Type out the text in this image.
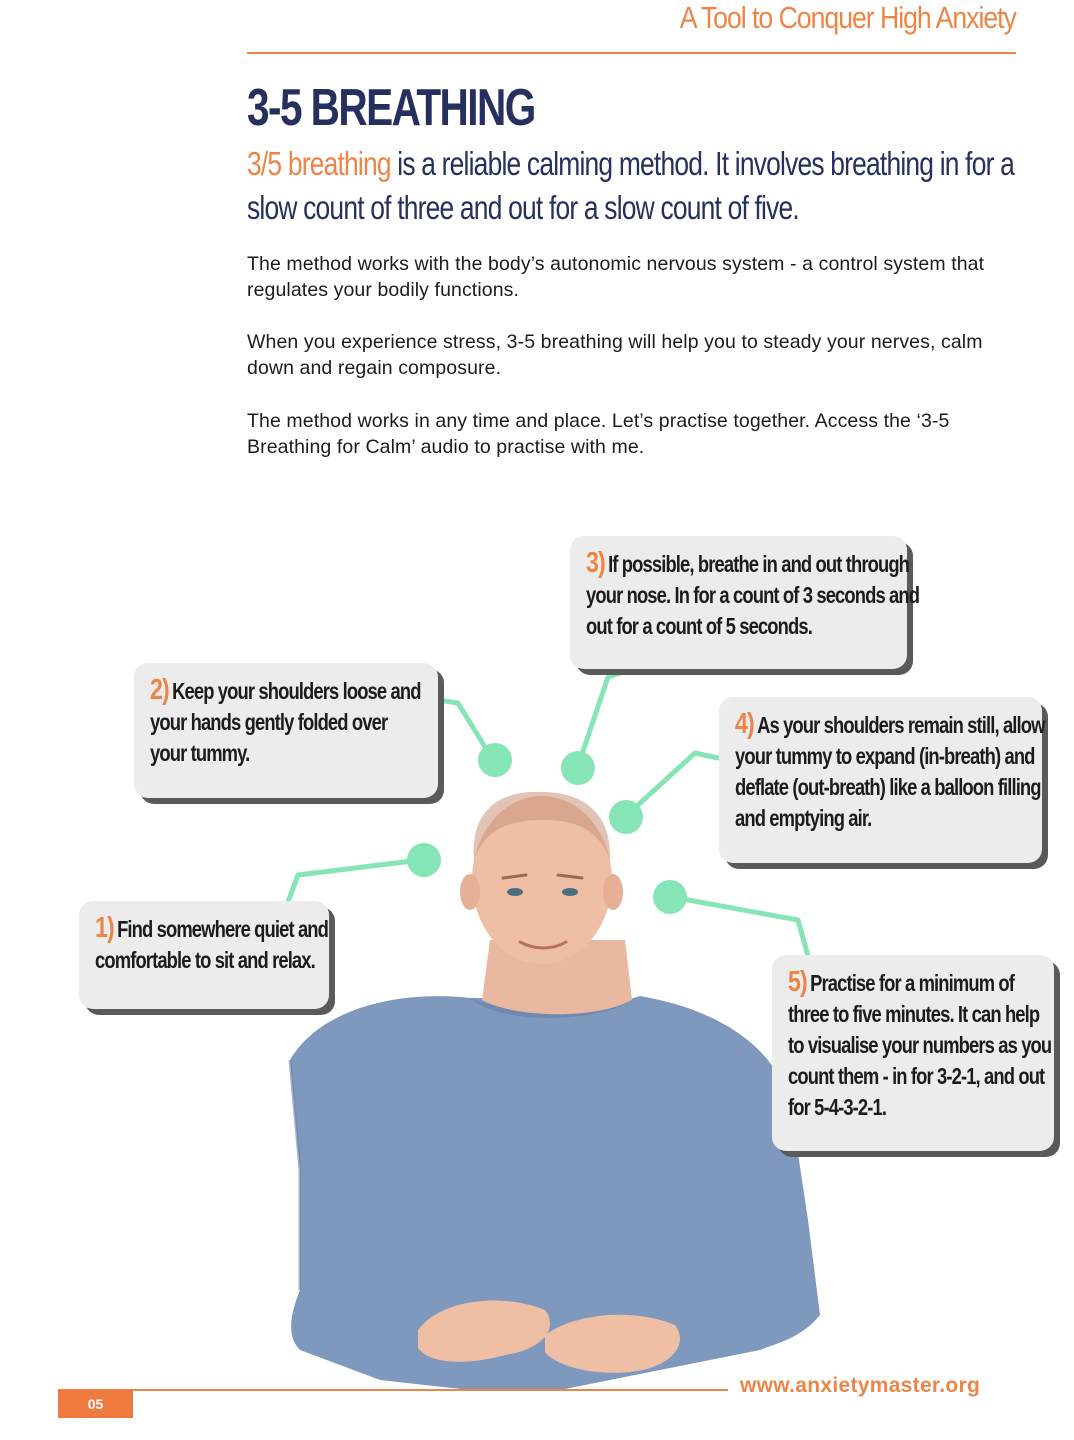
A Tool to Conquer High Anxiety
3-5 BREATHING

3/5 breathing is a reliable calming method. It involves breathing in for a slow count of three and out for a slow count of five.

The method works with the body’s autonomic nervous system - a control system that regulates your bodily functions.

When you experience stress, 3-5 breathing will help you to steady your nerves, calm down and regain composure.

The method works in any time and place. Let’s practise together. Access the ‘3-5 Breathing for Calm’ audio to practise with me.

1) Find somewhere quiet and
comfortable to sit and relax.
2) Keep your shoulders loose and
your hands gently folded over
your tummy.
3) If possible, breathe in and out through
your nose. In for a count of 3 seconds and
out for a count of 5 seconds.
4) As your shoulders remain still, allow
your tummy to expand (in-breath) and
deflate (out-breath) like a balloon filling
and emptying air.
5) Practise for a minimum of
three to five minutes. It can help
to visualise your numbers as you
count them - in for 3-2-1, and out
for 5-4-3-2-1.
05
www.anxietymaster.org
